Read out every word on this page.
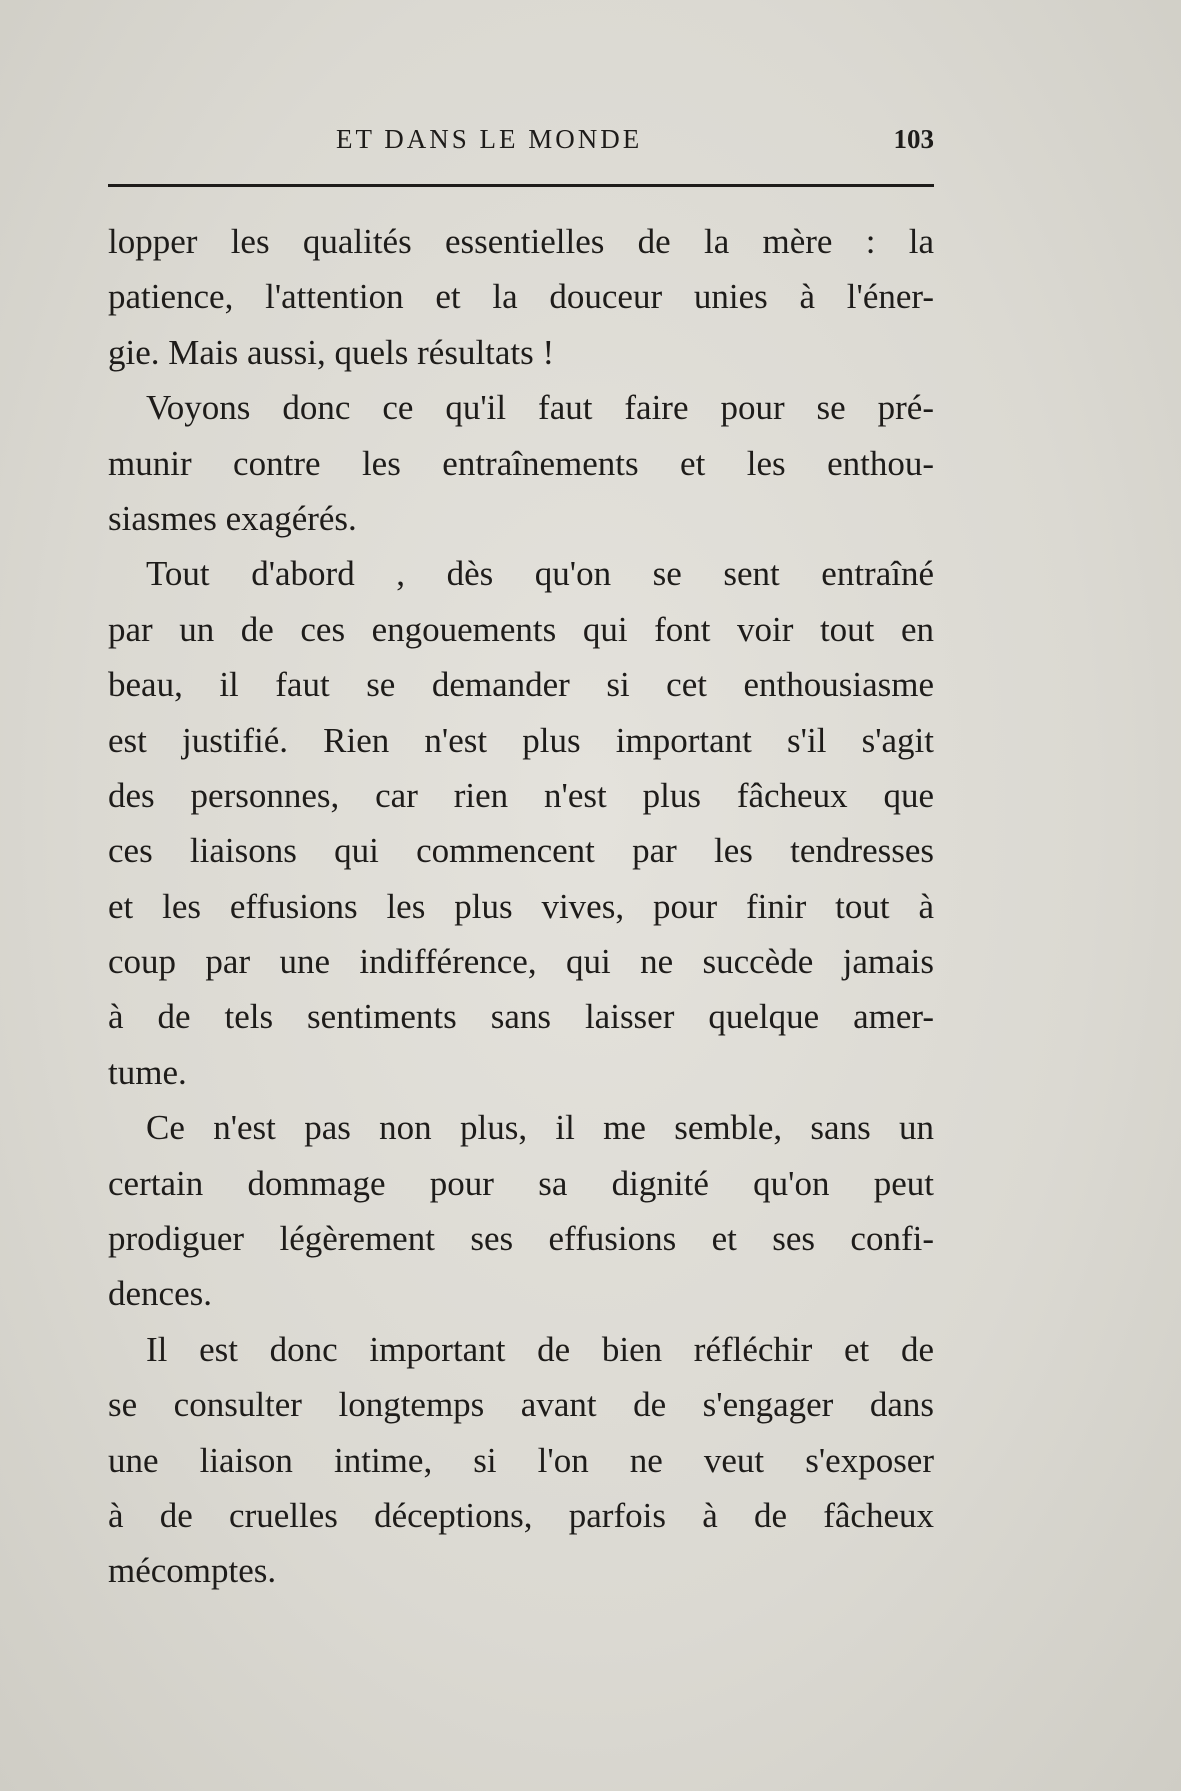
ET DANS LE MONDE	103
lopper les qualités essentielles de la mère : la
patience, l'attention et la douceur unies à l'éner-
gie. Mais aussi, quels résultats !
Voyons donc ce qu'il faut faire pour se pré-
munir contre les entraînements et les enthou-
siasmes exagérés.
Tout d'abord , dès qu'on se sent entraîné
par un de ces engouements qui font voir tout en
beau, il faut se demander si cet enthousiasme
est justifié. Rien n'est plus important s'il s'agit
des personnes, car rien n'est plus fâcheux que
ces liaisons qui commencent par les tendresses
et les effusions les plus vives, pour finir tout à
coup par une indifférence, qui ne succède jamais
à de tels sentiments sans laisser quelque amer-
tume.
Ce n'est pas non plus, il me semble, sans un
certain dommage pour sa dignité qu'on peut
prodiguer légèrement ses effusions et ses confi-
dences.
Il est donc important de bien réfléchir et de
se consulter longtemps avant de s'engager dans
une liaison intime, si l'on ne veut s'exposer
à de cruelles déceptions, parfois à de fâcheux
mécomptes.
